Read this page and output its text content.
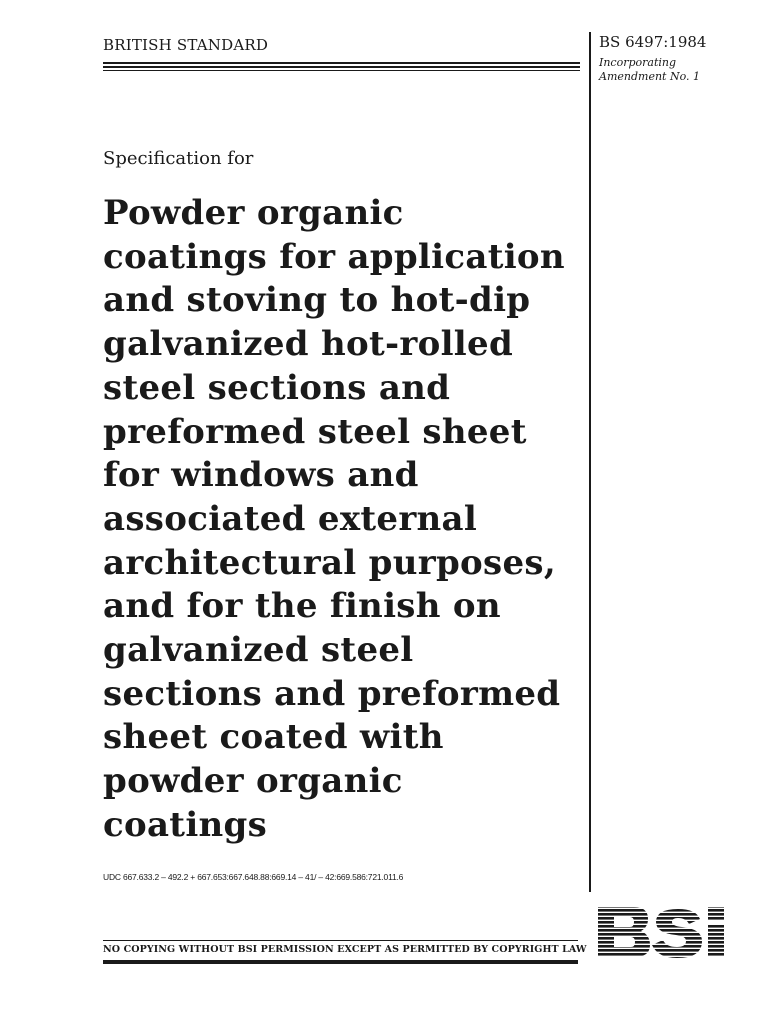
BRITISH STANDARD	BS 6497:1984
Incorporating
Amendment No. 1
Specification for
Powder organic
coatings for application
and stoving to hot-dip
galvanized hot-rolled
steel sections and
preformed steel sheet
for windows and
associated external
architectural purposes,
and for the finish on
galvanized steel
sections and preformed
sheet coated with
powder organic
coatings
UDC 667.633.2 – 492.2 + 667.653:667.648.88:669.14 – 41/ – 42:669.586:721.011.6
NO COPYING WITHOUT BSI PERMISSION EXCEPT AS PERMITTED BY COPYRIGHT LAW
